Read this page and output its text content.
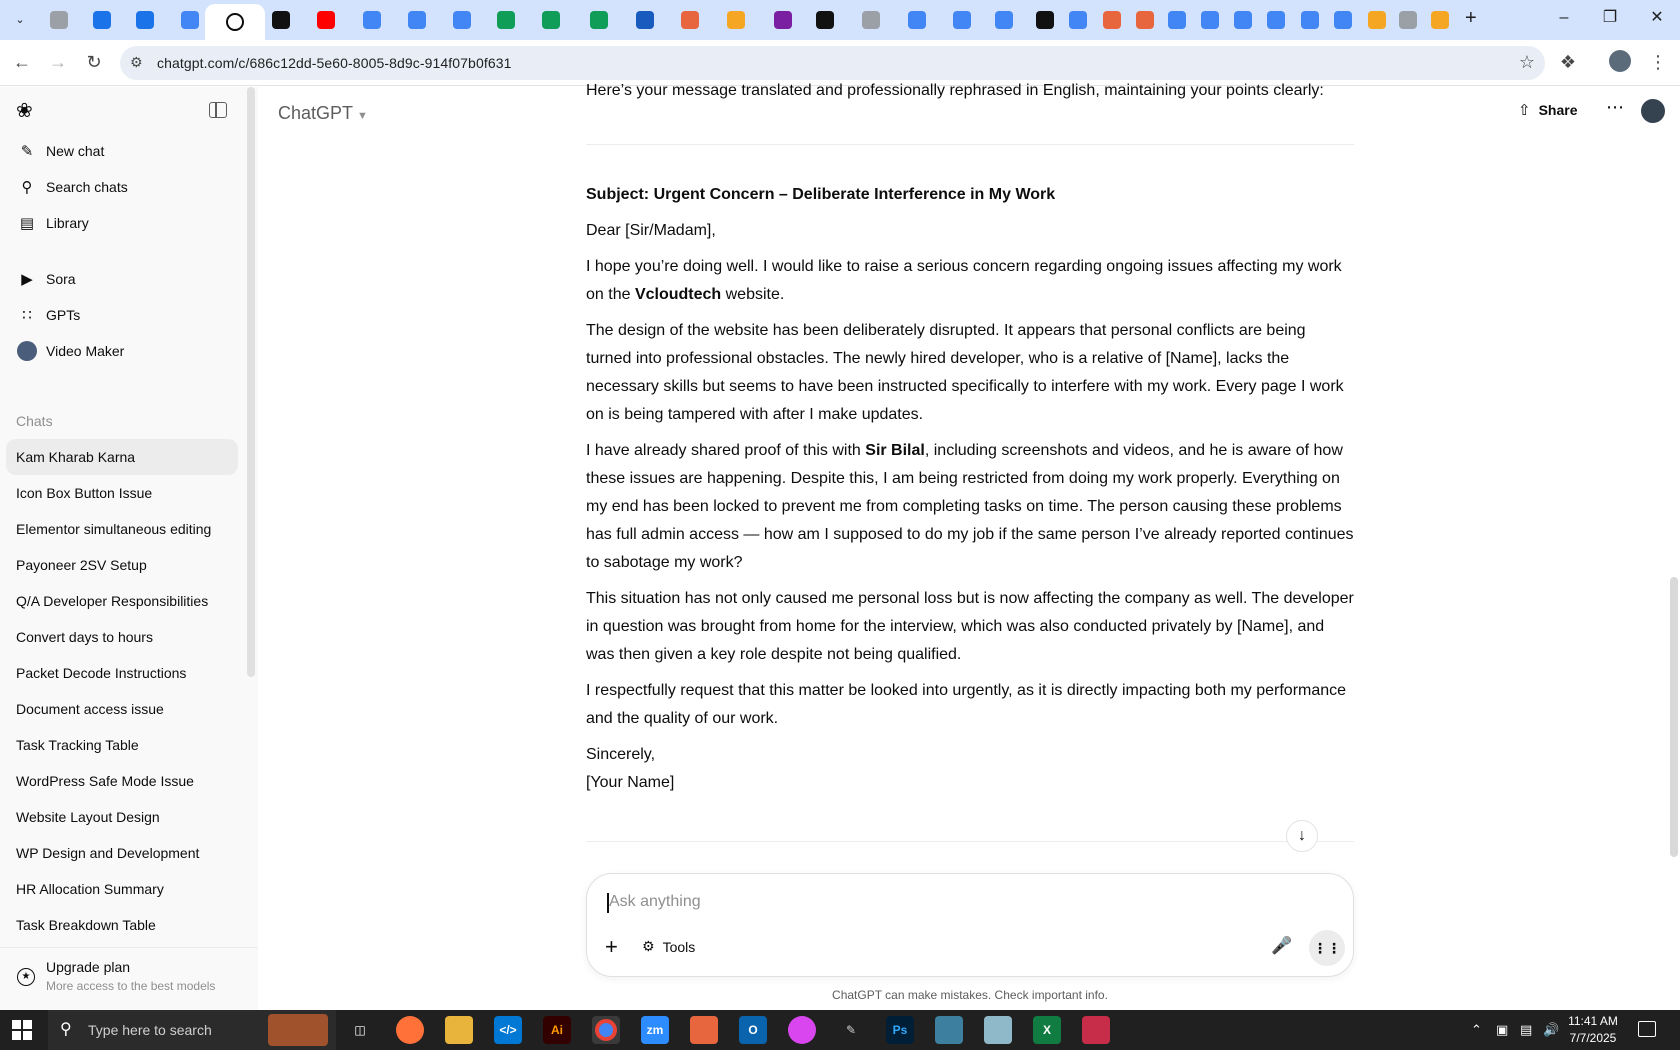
⌄	+	–	❐	✕
← → ↻	⚙ chatgpt.com/c/686c12dd-5e60-8005-8d9c-914f07b0f631	☆ ❖	⋮
❀
✎ New chat
⚲ Search chats
▤ Library
▶ Sora
∷	GPTs
Video Maker
Chats
Kam Kharab Karna
Icon Box Button Issue
Elementor simultaneous editing
Payoneer 2SV Setup
Q/A Developer Responsibilities
Convert days to hours
Packet Decode Instructions
Document access issue
Task Tracking Table
WordPress Safe Mode Issue
Website Layout Design
WP Design and Development
HR Allocation Summary
Task Breakdown Table
★
Upgrade plan
More access to the best models
ChatGPT ▼	⇧ Share ⋯

Here’s your message translated and professionally rephrased in English, maintaining your points clearly:

Subject: Urgent Concern – Deliberate Interference in My Work

Dear [Sir/Madam],

I hope you’re doing well. I would like to raise a serious concern regarding ongoing issues affecting my work on the Vcloudtech website.

The design of the website has been deliberately disrupted. It appears that personal conflicts are being turned into professional obstacles. The newly hired developer, who is a relative of [Name], lacks the necessary skills but seems to have been instructed specifically to interfere with my work. Every page I work on is being tampered with after I make updates.

I have already shared proof of this with Sir Bilal, including screenshots and videos, and he is aware of how these issues are happening. Despite this, I am being restricted from doing my work properly. Everything on my end has been locked to prevent me from completing tasks on time. The person causing these problems has full admin access — how am I supposed to do my job if the same person I’ve already reported continues to sabotage my work?

This situation has not only caused me personal loss but is now affecting the company as well. The developer in question was brought from home for the interview, which was also conducted privately by [Name], and was then given a key role despite not being qualified.

I respectfully request that this matter be looked into urgently, as it is directly impacting both my performance and the quality of our work.

Sincerely,

[Your Name]

↓
Ask anything
+ ⚙ Tools	🎤 ⋮⋮
ChatGPT can make mistakes. Check important info.
⚲ Type here to search	◫	</>	Ai	zm	O	✎	Ps	X	⌃ ▣ ▤ 🔊
11:41 AM
7/7/2025
